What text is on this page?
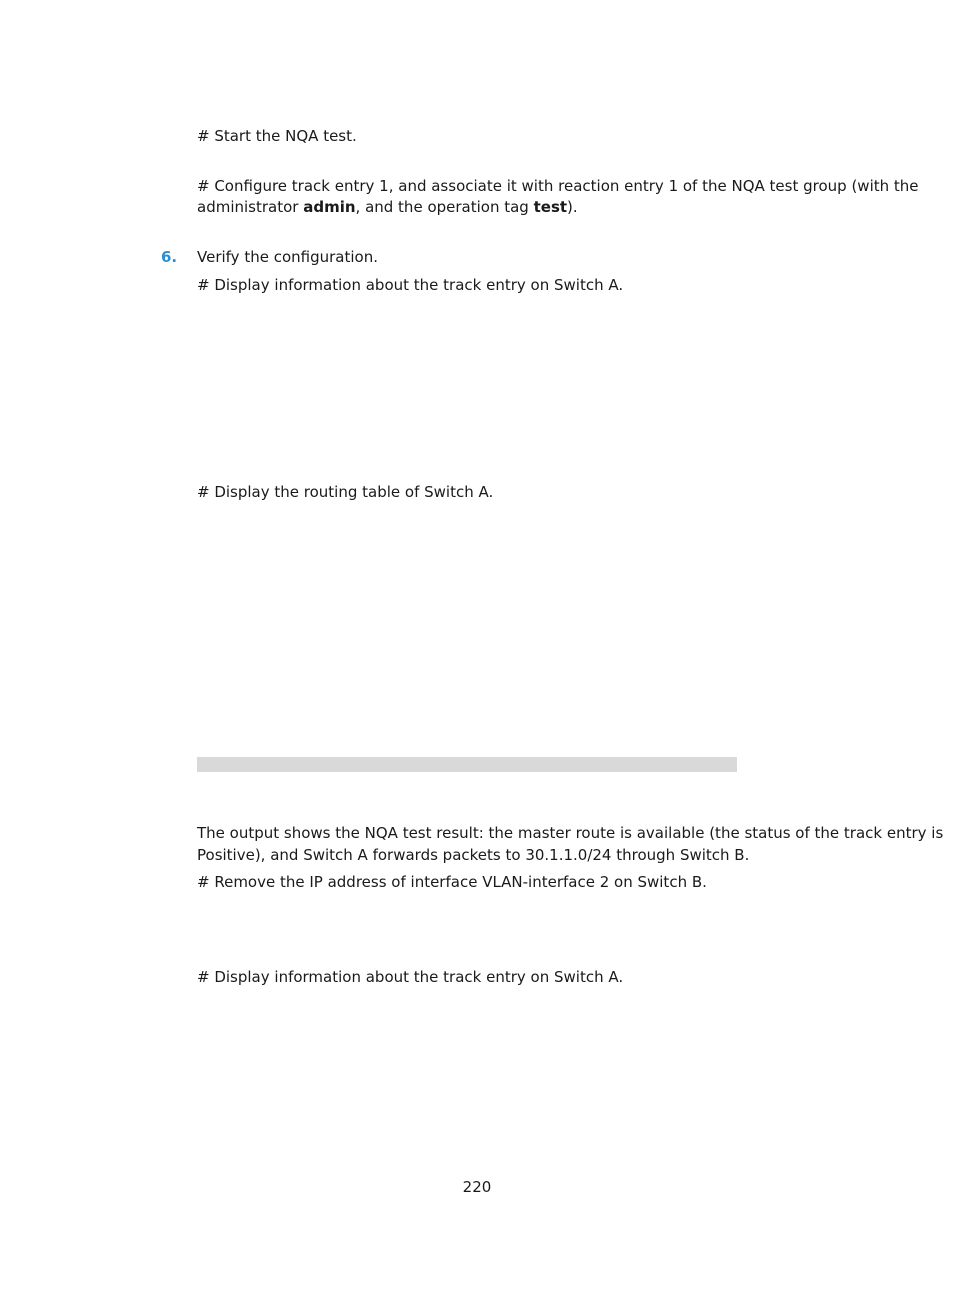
# Start the NQA test.
# Configure track entry 1, and associate it with reaction entry 1 of the NQA test group (with the
administrator admin, and the operation tag test).
6. Verify the configuration.
# Display information about the track entry on Switch A.
# Display the routing table of Switch A.
The output shows the NQA test result: the master route is available (the status of the track entry is
Positive), and Switch A forwards packets to 30.1.1.0/24 through Switch B.
# Remove the IP address of interface VLAN-interface 2 on Switch B.
# Display information about the track entry on Switch A.
220
